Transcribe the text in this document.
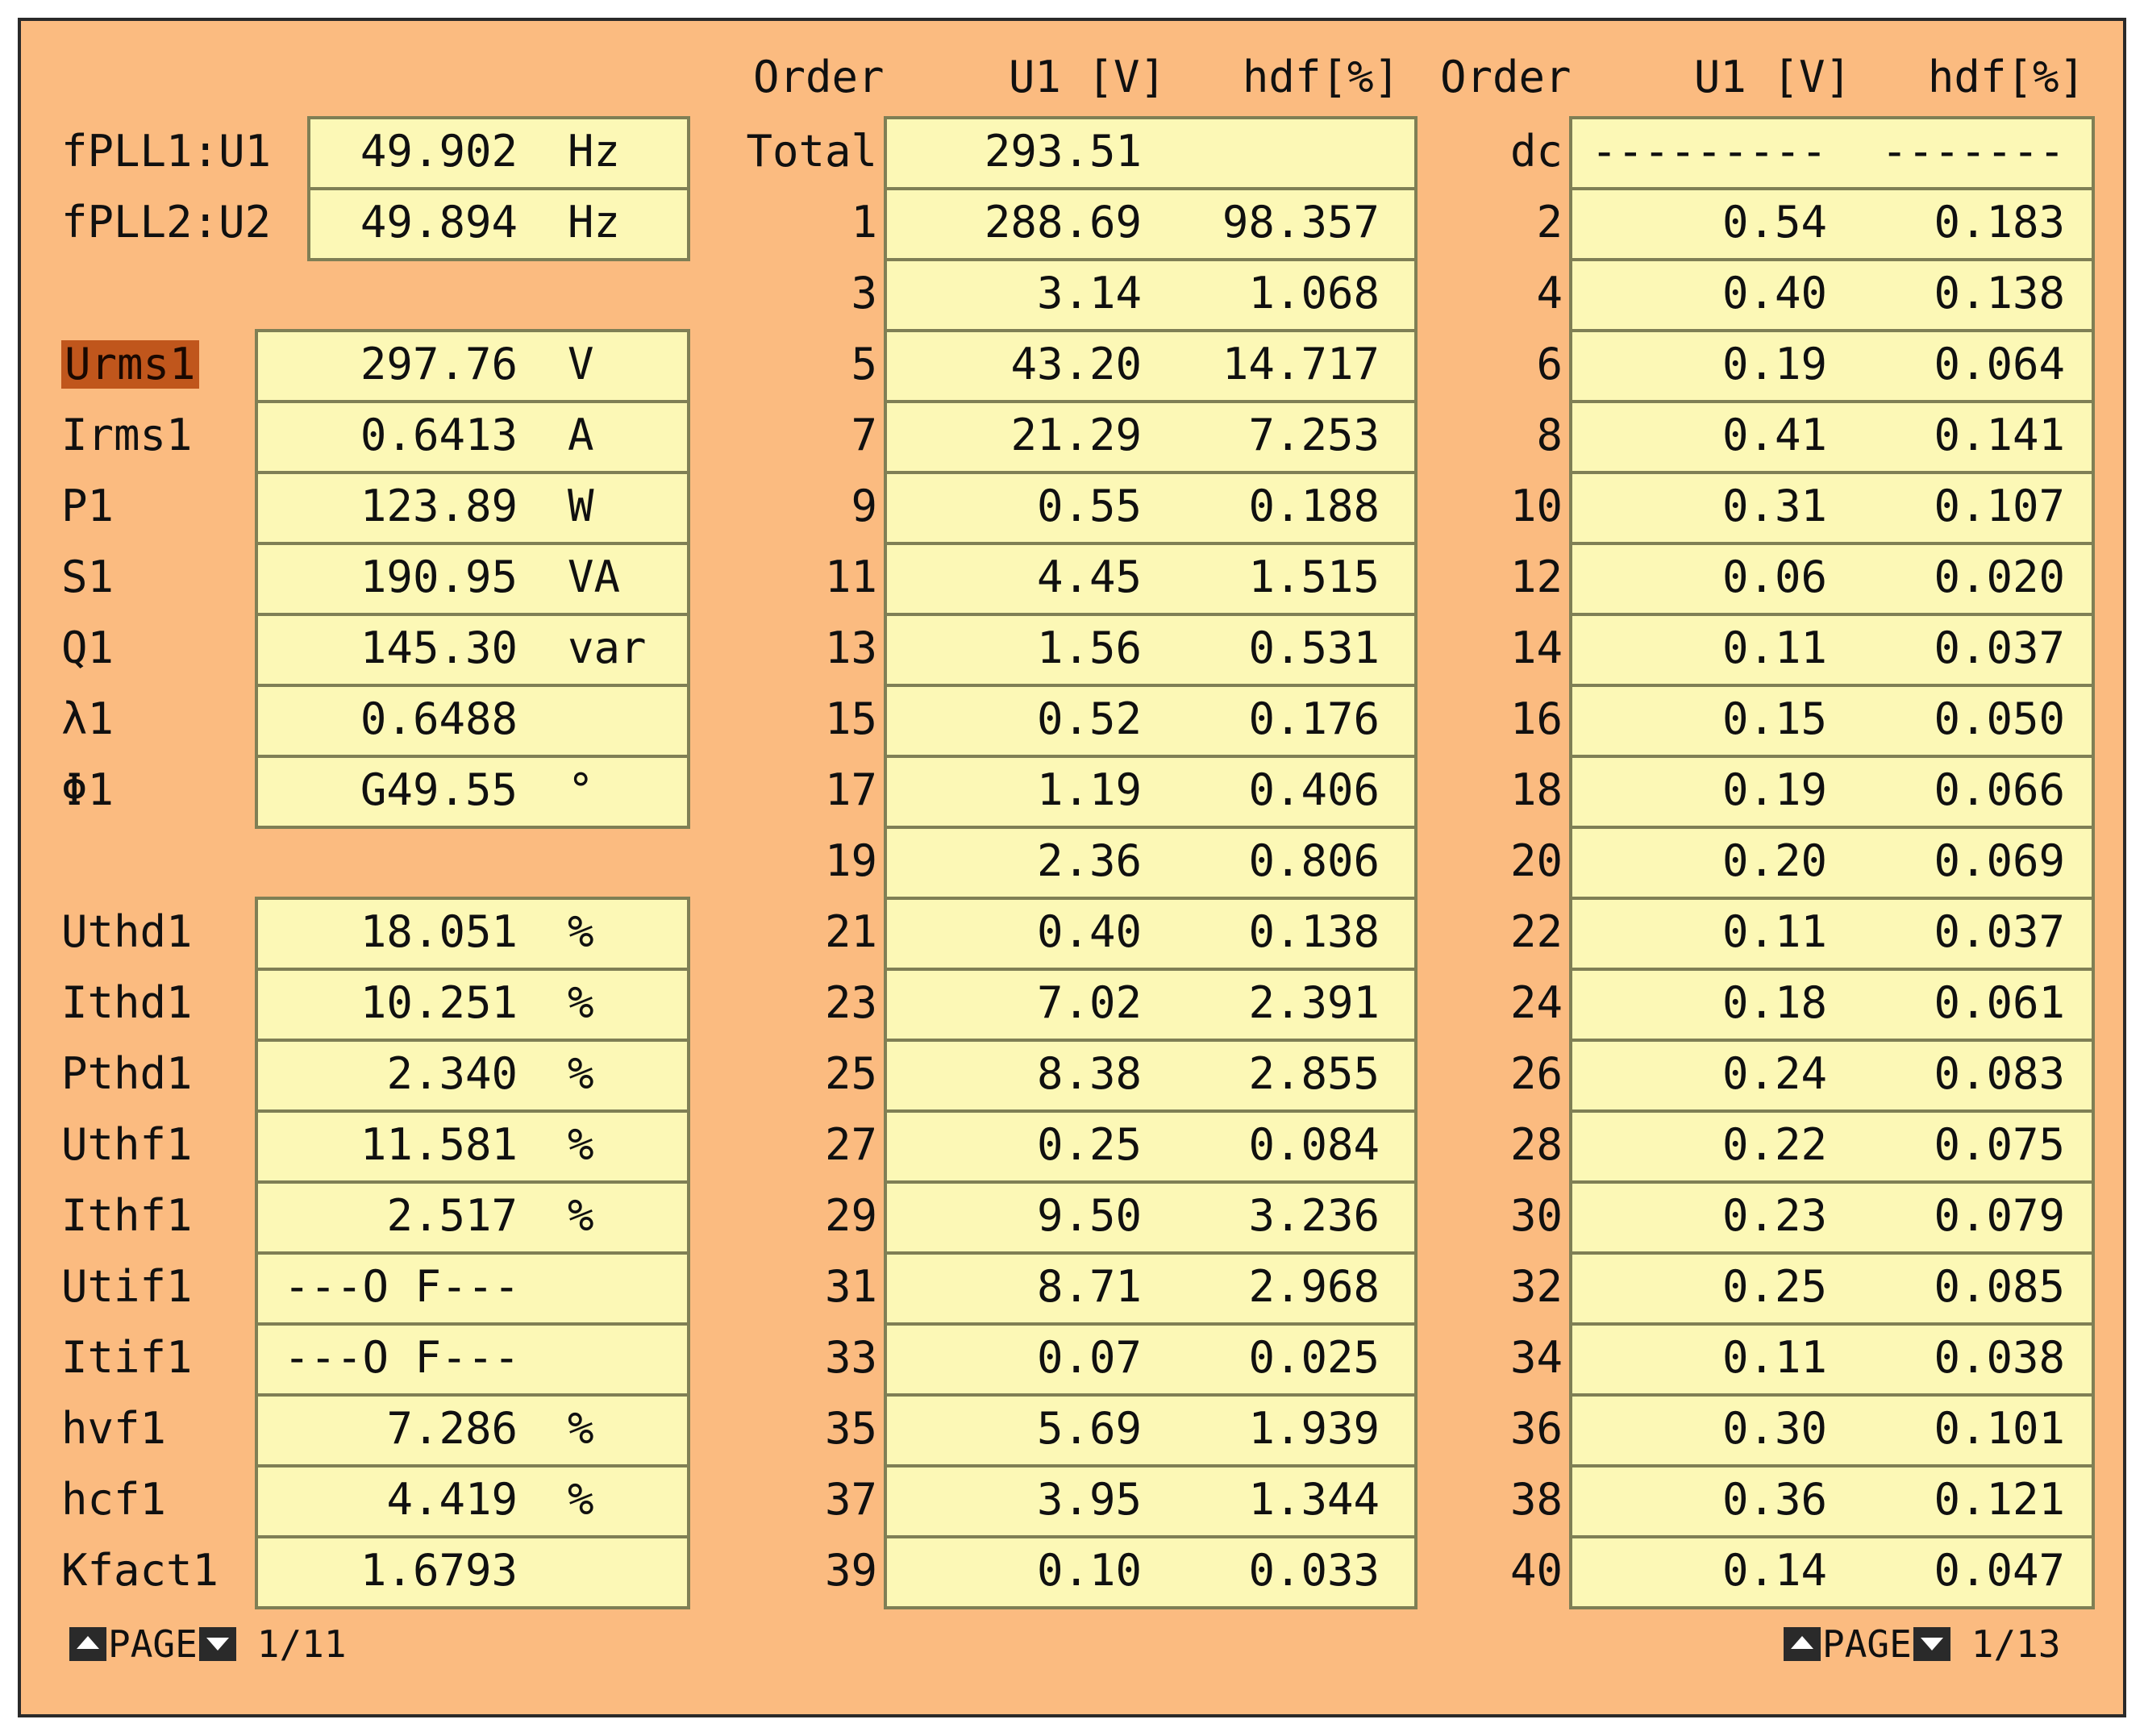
Order	U1 [V]	hdf[%] Order	U1 [V]	hdf[%]
fPLL1:U1	49.902 Hz
fPLL2:U2	49.894 Hz
Urms1	297.76 V
Irms1	0.6413 A
P1	123.89 W
S1	190.95 VA
Q1	145.30 var
λ1	0.6488
Φ1	G49.55 °
Uthd1	18.051 %
Ithd1	10.251 %
Pthd1	2.340 %
Uthf1	11.581 %
Ithf1	2.517 %
Utif1 ---O F---
Itif1 ---O F---
hvf1	7.286 %
hcf1	4.419 %
Kfact1	1.6793
Total	293.51
1	288.69	98.357
3	3.14	1.068
5	43.20	14.717
7	21.29	7.253
9	0.55	0.188
11	4.45	1.515
13	1.56	0.531
15	0.52	0.176
17	1.19	0.406
19	2.36	0.806
21	0.40	0.138
23	7.02	2.391
25	8.38	2.855
27	0.25	0.084
29	9.50	3.236
31	8.71	2.968
33	0.07	0.025
35	5.69	1.939
37	3.95	1.344
39	0.10	0.033
dc ---------	-------
2	0.54	0.183
4	0.40	0.138
6	0.19	0.064
8	0.41	0.141
10	0.31	0.107
12	0.06	0.020
14	0.11	0.037
16	0.15	0.050
18	0.19	0.066
20	0.20	0.069
22	0.11	0.037
24	0.18	0.061
26	0.24	0.083
28	0.22	0.075
30	0.23	0.079
32	0.25	0.085
34	0.11	0.038
36	0.30	0.101
38	0.36	0.121
40	0.14	0.047
PAGE 1/11	PAGE 1/13
